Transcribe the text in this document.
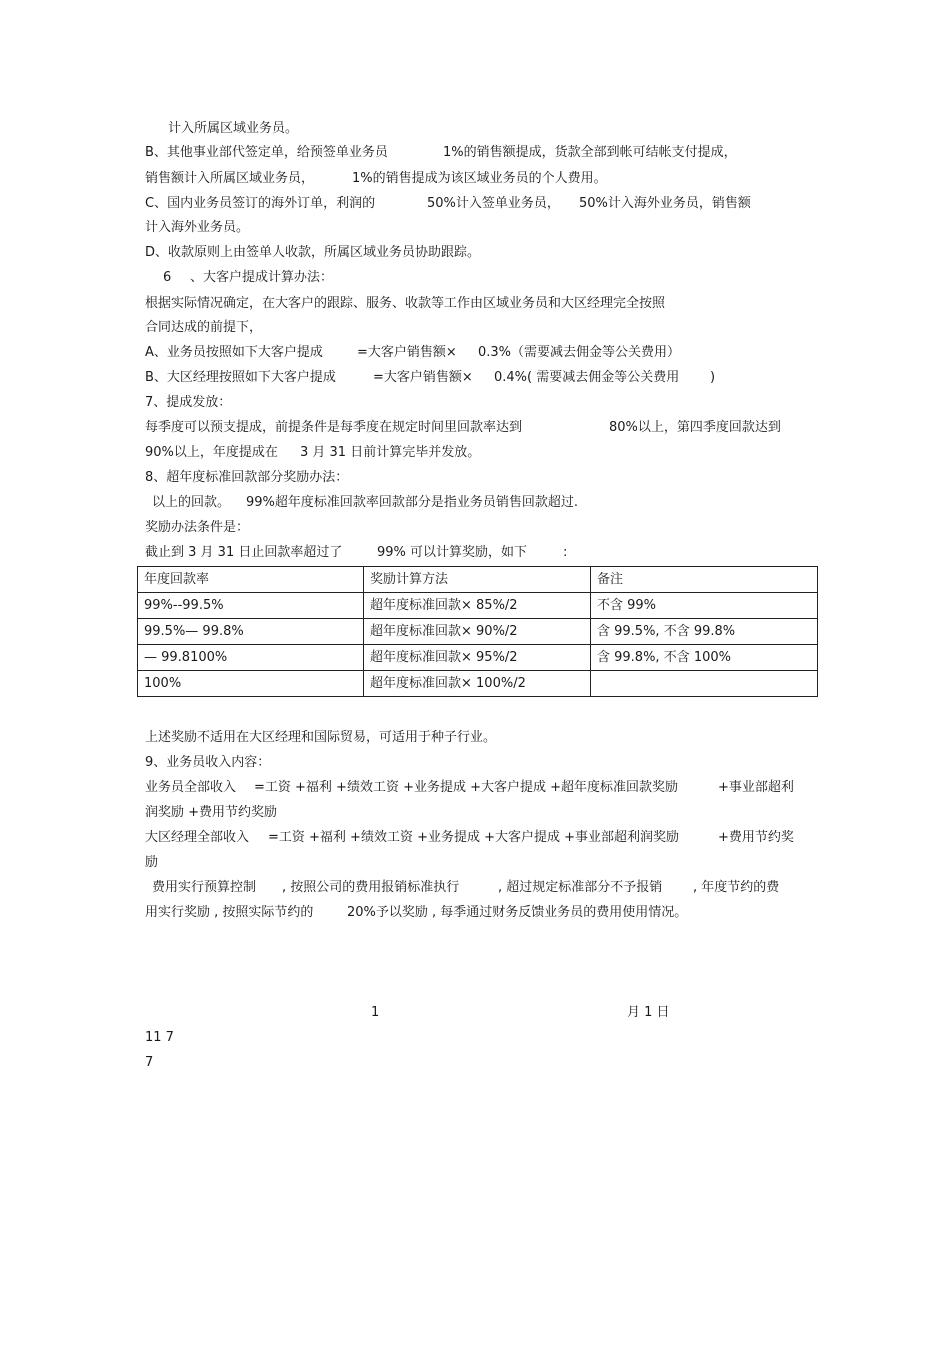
计入所属区域业务员。
B、其他事业部代签定单，给预签单业务员	1%的销售额提成，货款全部到帐可结帐支付提成，
销售额计入所属区域业务员，	1%的销售提成为该区域业务员的个人费用。
C、国内业务员签订的海外订单，利润的	50%计入签单业务员， 50%计入海外业务员，销售额
计入海外业务员。
D、收款原则上由签单人收款，所属区域业务员协助跟踪。
6 、大客户提成计算办法：
根据实际情况确定，在大客户的跟踪、服务、收款等工作由区域业务员和大区经理完全按照
合同达成的前提下，
A、业务员按照如下大客户提成	=大客户销售额× 0.3%（需要减去佣金等公关费用）
B、大区经理按照如下大客户提成	=大客户销售额× 0.4%( 需要减去佣金等公关费用 )
7、提成发放：
每季度可以预支提成，前提条件是每季度在规定时间里回款率达到	80%以上，第四季度回款达到
90%以上，年度提成在 3 月 31 日前计算完毕并发放。
8、超年度标准回款部分奖励办法：
以上的回款。 99%超年度标准回款率回款部分是指业务员销售回款超过.
奖励办法条件是：
截止到 3 月 31 日止回款率超过了	99% 可以计算奖励，如下	:
年度回款率	奖励计算方法	备注
99%--99.5%	超年度标准回款× 85%/2	不含 99%
99.5%— 99.8%	超年度标准回款× 90%/2	含 99.5%, 不含 99.8%
— 99.8100%	超年度标准回款× 95%/2	含 99.8%, 不含 100%
100%	超年度标准回款× 100%/2	
上述奖励不适用在大区经理和国际贸易，可适用于种子行业。
9、业务员收入内容：
业务员全部收入 =工资 +福利 +绩效工资 +业务提成 +大客户提成 +超年度标准回款奖励	+事业部超利
润奖励 +费用节约奖励
大区经理全部收入 =工资 +福利 +绩效工资 +业务提成 +大客户提成 +事业部超利润奖励	+费用节约奖
励
费用实行预算控制 , 按照公司的费用报销标准执行	, 超过规定标准部分不予报销 , 年度节约的费
用实行奖励 , 按照实际节约的	20%予以奖励 , 每季通过财务反馈业务员的费用使用情况。
1	月 1 日
11 7
7
